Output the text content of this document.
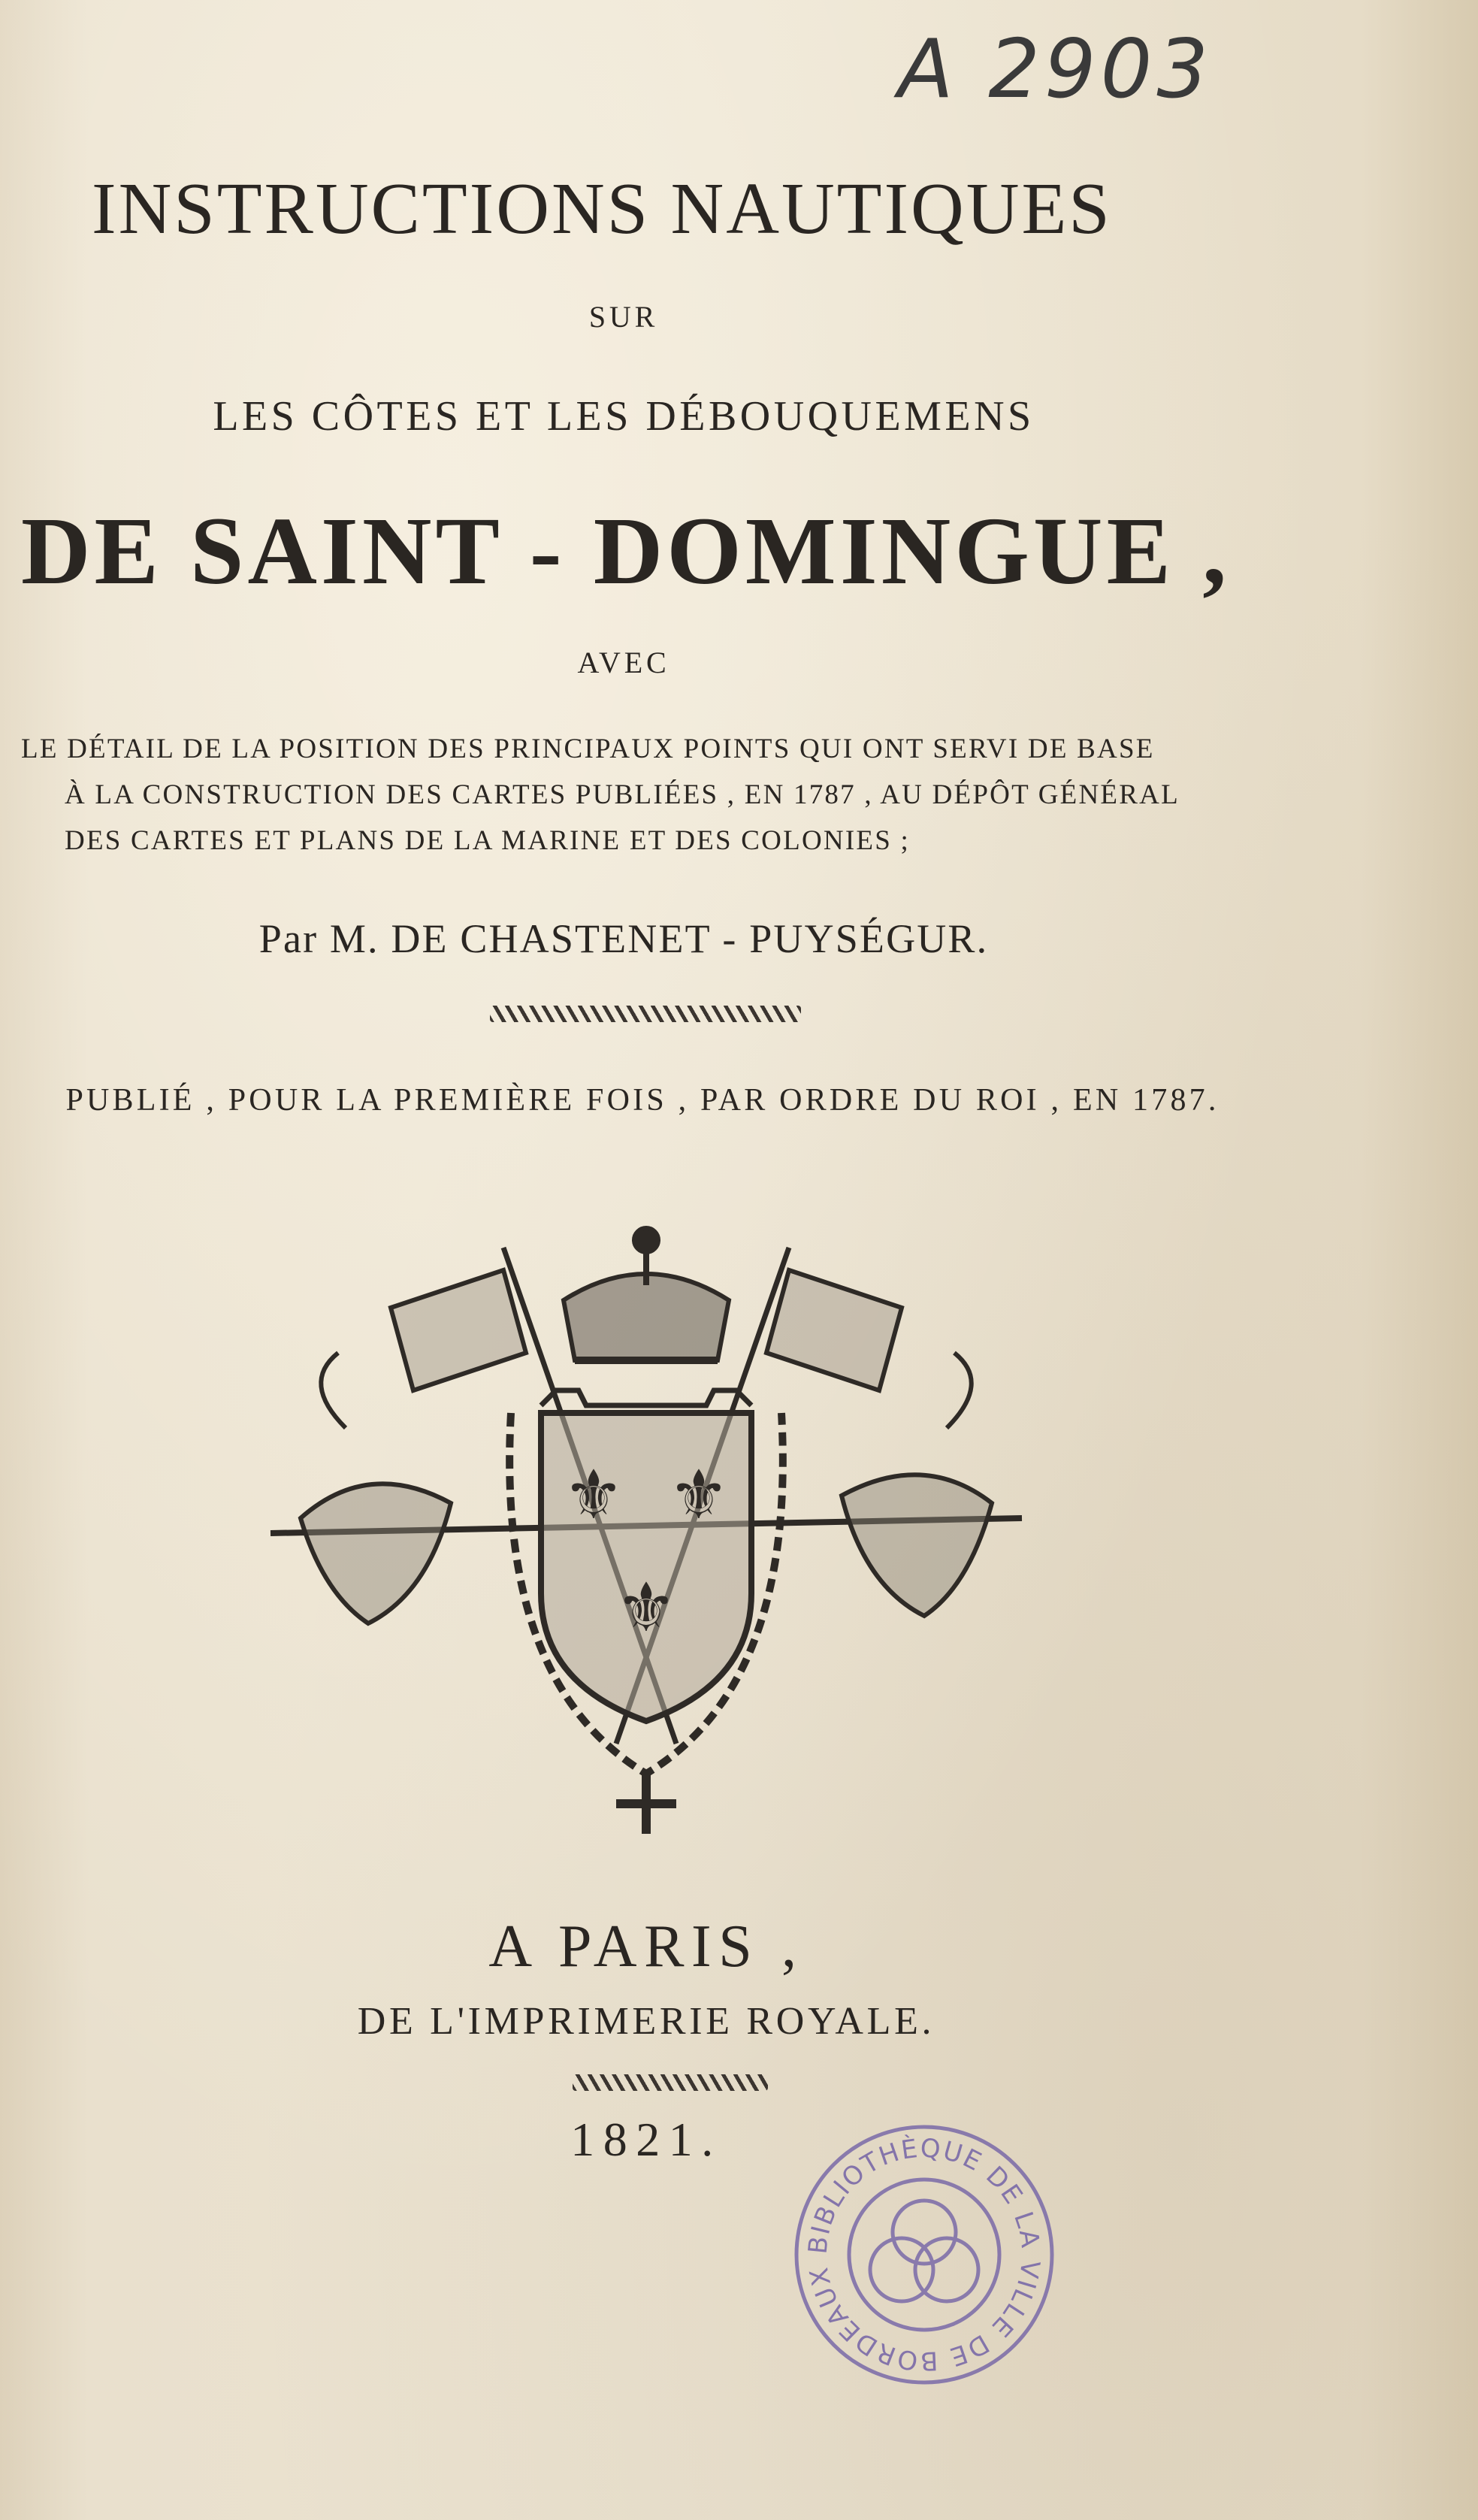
A 2903
INSTRUCTIONS NAUTIQUES
SUR
LES CÔTES ET LES DÉBOUQUEMENS
DE SAINT - DOMINGUE ,
AVEC
LE DÉTAIL DE LA POSITION DES PRINCIPAUX POINTS QUI ONT SERVI DE BASE
À LA CONSTRUCTION DES CARTES PUBLIÉES , EN 1787 , AU DÉPÔT GÉNÉRAL
DES CARTES ET PLANS DE LA MARINE ET DES COLONIES ;
Par M. DE CHASTENET - PUYSÉGUR.
PUBLIÉ , POUR LA PREMIÈRE FOIS , PAR ORDRE DU ROI , EN 1787.
⚜ ⚜
⚜
A PARIS ,
DE L'IMPRIMERIE ROYALE.
1821.
BIBLIOTHÈQUE DE LA VILLE DE BORDEAUX
